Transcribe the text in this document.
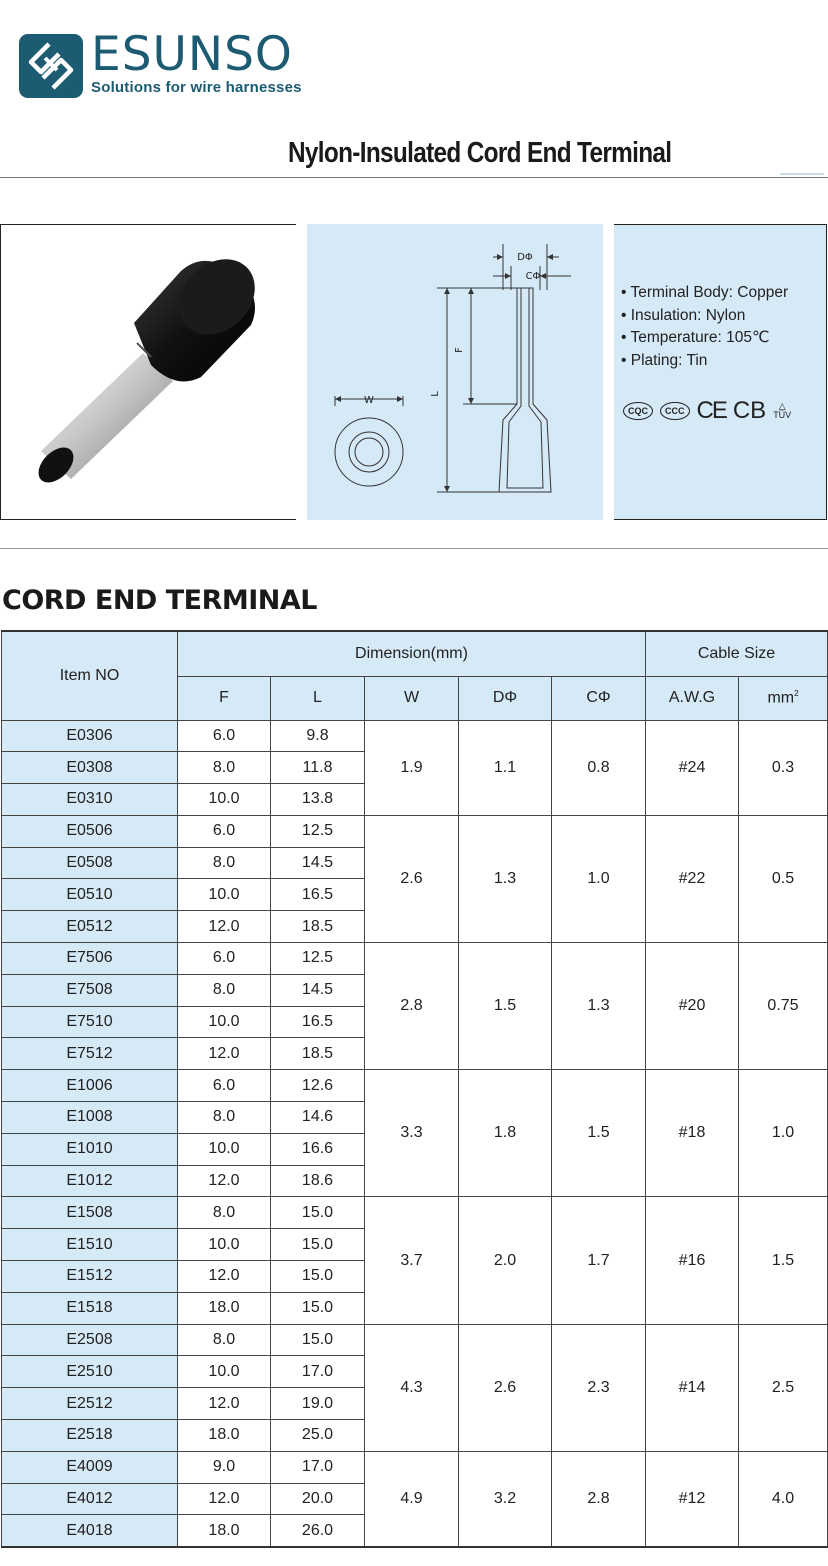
ESUNSO
Solutions for wire harnesses
Nylon-Insulated Cord End Terminal
DΦ
CΦ
F
L
W
• Terminal Body: Copper
• Insulation: Nylon
• Temperature: 105℃
• Plating: Tin
CQC	CCC CE CB	△
TÜV
CORD END TERMINAL
Item NO	Dimension(mm)					Cable Size	
	F	L	W	DΦ	CΦ	A.W.G	$mm^2$
E0306	6.0	9.8	1.9	1.1	0.8	#24	0.3
E0308	8.0	11.8					
E0310	10.0	13.8					
E0506	6.0	12.5	2.6	1.3	1.0	#22	0.5
E0508	8.0	14.5					
E0510	10.0	16.5					
E0512	12.0	18.5					
E7506	6.0	12.5	2.8	1.5	1.3	#20	0.75
E7508	8.0	14.5					
E7510	10.0	16.5					
E7512	12.0	18.5					
E1006	6.0	12.6	3.3	1.8	1.5	#18	1.0
E1008	8.0	14.6					
E1010	10.0	16.6					
E1012	12.0	18.6					
E1508	8.0	15.0	3.7	2.0	1.7	#16	1.5
E1510	10.0	15.0					
E1512	12.0	15.0					
E1518	18.0	15.0					
E2508	8.0	15.0	4.3	2.6	2.3	#14	2.5
E2510	10.0	17.0					
E2512	12.0	19.0					
E2518	18.0	25.0					
E4009	9.0	17.0	4.9	3.2	2.8	#12	4.0
E4012	12.0	20.0					
E4018	18.0	26.0					
